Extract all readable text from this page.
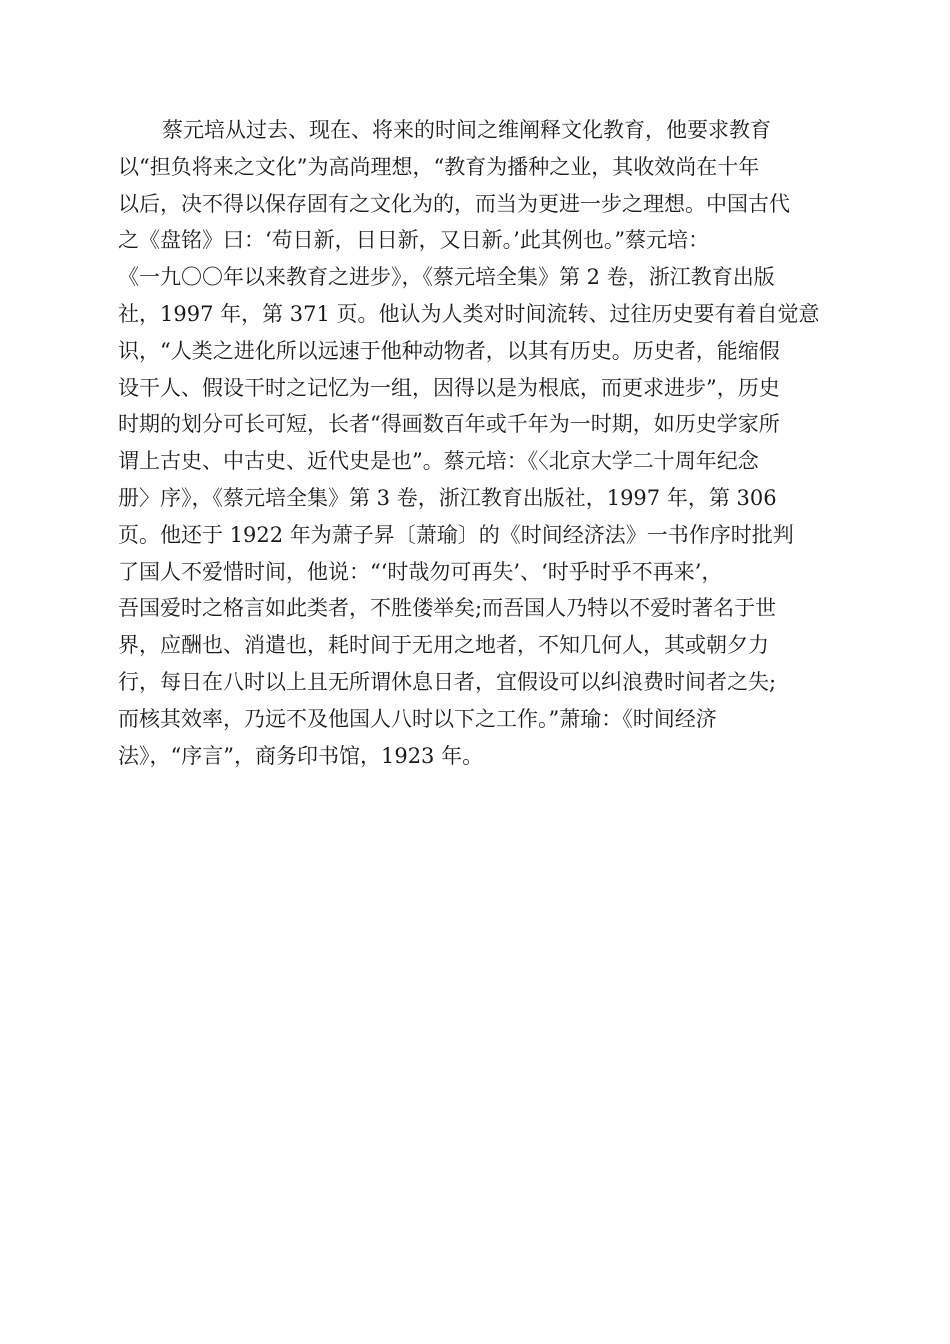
蔡元培从过去、现在、将来的时间之维阐释文化教育，他要求教育
以“担负将来之文化”为高尚理想，“教育为播种之业，其收效尚在十年
以后，决不得以保存固有之文化为的，而当为更进一步之理想。中国古代
之《盘铭》曰：‘苟日新，日日新，又日新。’此其例也。”蔡元培：
《一九〇〇年以来教育之进步》，《蔡元培全集》第 2 卷，浙江教育出版
社，1997 年，第 371 页。他认为人类对时间流转、过往历史要有着自觉意
识，“人类之进化所以远速于他种动物者，以其有历史。历史者，能缩假
设干人、假设干时之记忆为一组，因得以是为根底，而更求进步”，历史
时期的划分可长可短，长者“得画数百年或千年为一时期，如历史学家所
谓上古史、中古史、近代史是也”。蔡元培：《〈北京大学二十周年纪念
册〉序》，《蔡元培全集》第 3 卷，浙江教育出版社，1997 年，第 306
页。他还于 1922 年为萧子昇〔萧瑜〕的《时间经济法》一书作序时批判
了国人不爱惜时间，他说：“‘时哉勿可再失’、‘时乎时乎不再来’，
吾国爱时之格言如此类者，不胜偻举矣;而吾国人乃特以不爱时著名于世
界，应酬也、消遣也，耗时间于无用之地者，不知几何人，其或朝夕力
行，每日在八时以上且无所谓休息日者，宜假设可以纠浪费时间者之失;
而核其效率，乃远不及他国人八时以下之工作。”萧瑜：《时间经济
法》，“序言”，商务印书馆，1923 年。
